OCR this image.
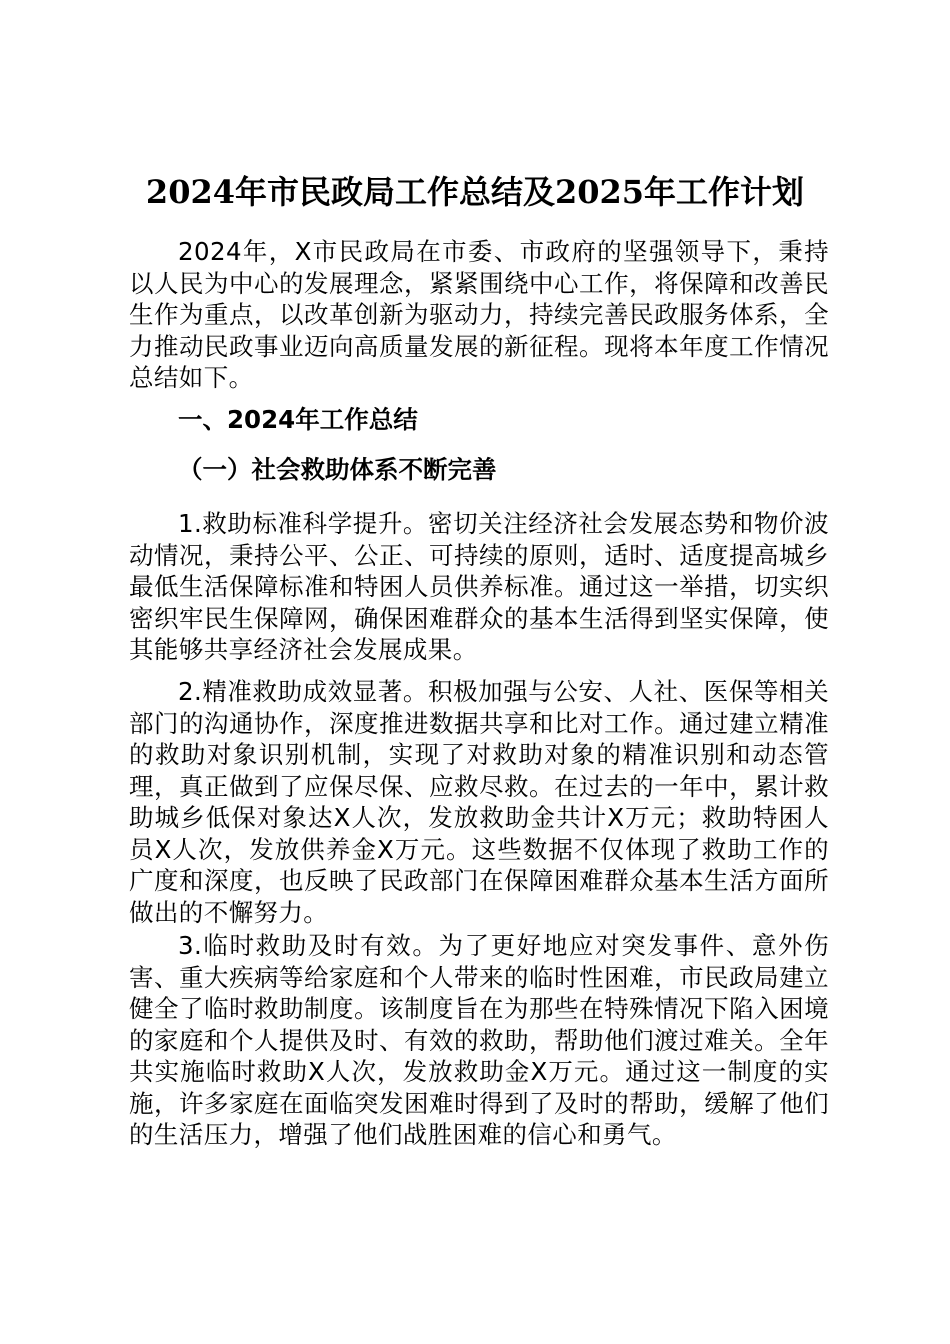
2024年市民政局工作总结及2025年工作计划

2024年，X市民政局在市委、市政府的坚强领导下，秉持以人民为中心的发展理念，紧紧围绕中心工作，将保障和改善民生作为重点，以改革创新为驱动力，持续完善民政服务体系，全力推动民政事业迈向高质量发展的新征程。现将本年度工作情况总结如下。

一、2024年工作总结
（一）社会救助体系不断完善

1.救助标准科学提升。密切关注经济社会发展态势和物价波动情况，秉持公平、公正、可持续的原则，适时、适度提高城乡最低生活保障标准和特困人员供养标准。通过这一举措，切实织密织牢民生保障网，确保困难群众的基本生活得到坚实保障，使其能够共享经济社会发展成果。

2.精准救助成效显著。积极加强与公安、人社、医保等相关部门的沟通协作，深度推进数据共享和比对工作。通过建立精准的救助对象识别机制，实现了对救助对象的精准识别和动态管理，真正做到了应保尽保、应救尽救。在过去的一年中，累计救助城乡低保对象达X人次，发放救助金共计X万元；救助特困人员X人次，发放供养金X万元。这些数据不仅体现了救助工作的广度和深度，也反映了民政部门在保障困难群众基本生活方面所做出的不懈努力。

3.临时救助及时有效。为了更好地应对突发事件、意外伤害、重大疾病等给家庭和个人带来的临时性困难，市民政局建立健全了临时救助制度。该制度旨在为那些在特殊情况下陷入困境的家庭和个人提供及时、有效的救助，帮助他们渡过难关。全年共实施临时救助X人次，发放救助金X万元。通过这一制度的实施，许多家庭在面临突发困难时得到了及时的帮助，缓解了他们的生活压力，增强了他们战胜困难的信心和勇气。
